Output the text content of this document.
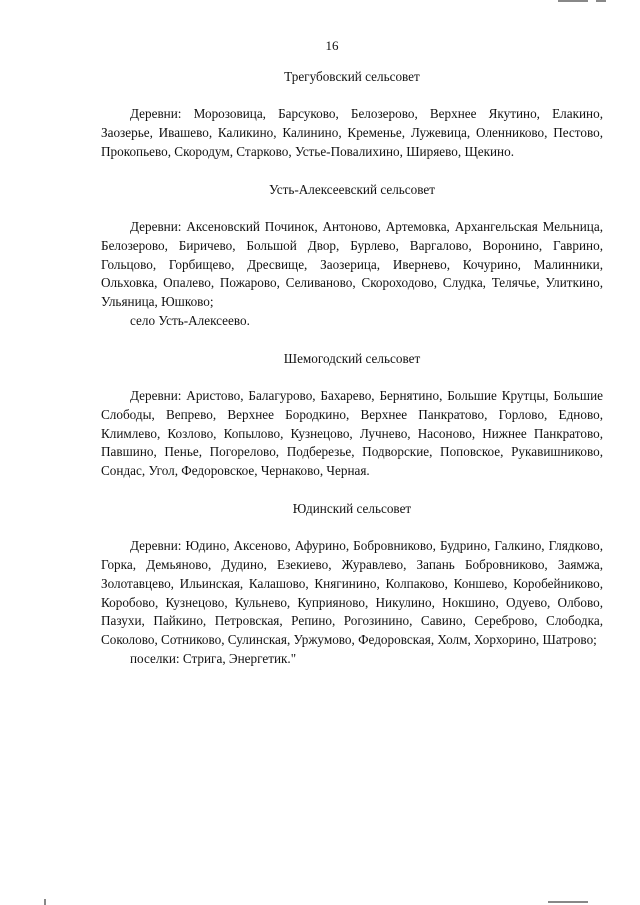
16
Трегубовский сельсовет

Деревни: Морозовица, Барсуково, Белозерово, Верхнее Якутино, Елакино, Заозерье, Ивашево, Каликино, Калинино, Кременье, Лужевица, Оленниково, Пестово, Прокопьево, Скородум, Старково, Устье-Повалихино, Ширяево, Щекино.

Усть-Алексеевский сельсовет

Деревни: Аксеновский Починок, Антоново, Артемовка, Архангельская Мельница, Белозерово, Биричево, Большой Двор, Бурлево, Варгалово, Воронино, Гаврино, Гольцово, Горбищево, Дресвище, Заозерица, Иверневo, Кочурино, Малинники, Ольховка, Опалево, Пожарово, Селиваново, Скороходово, Слудка, Телячье, Улиткино, Ульяница, Юшково;

село Усть-Алексеево.

Шемогодский сельсовет

Деревни: Аристово, Балагурово, Бахарево, Бернятино, Большие Крутцы, Большие Слободы, Вепрево, Верхнее Бородкино, Верхнее Панкратово, Горлово, Едново, Климлево, Козлово, Копылово, Кузнецово, Лучнево, Насоново, Нижнее Панкратово, Павшино, Пенье, Погорелово, Подберезье, Подворские, Поповское, Рукавишниково, Сондас, Угол, Федоровское, Чернаково, Черная.

Юдинский сельсовет

Деревни: Юдино, Аксеново, Афурино, Бобровниково, Будрино, Галкино, Глядково, Горка, Демьяново, Дудино, Езекиево, Журавлево, Запань Бобровниково, Заямжа, Золотавцево, Ильинская, Калашово, Княгинино, Колпаково, Коншево, Коробейниково, Коробово, Кузнецово, Кульнево, Куприяново, Никулино, Нокшино, Одуево, Олбово, Пазухи, Пайкино, Петровская, Репино, Рогозинино, Савино, Сереброво, Слободка, Соколово, Сотниково, Сулинская, Уржумово, Федоровская, Холм, Хорхорино, Шатрово;

поселки: Стрига, Энергетик."
